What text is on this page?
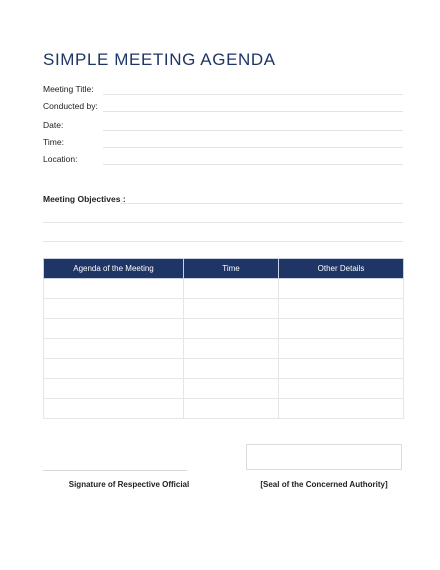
SIMPLE MEETING AGENDA
Meeting Title:
Conducted by:
Date:
Time:
Location:
Meeting Objectives :
Agenda of the Meeting	Time	Other Details

Signature of Respective Official	[Seal of the Concerned Authority]
